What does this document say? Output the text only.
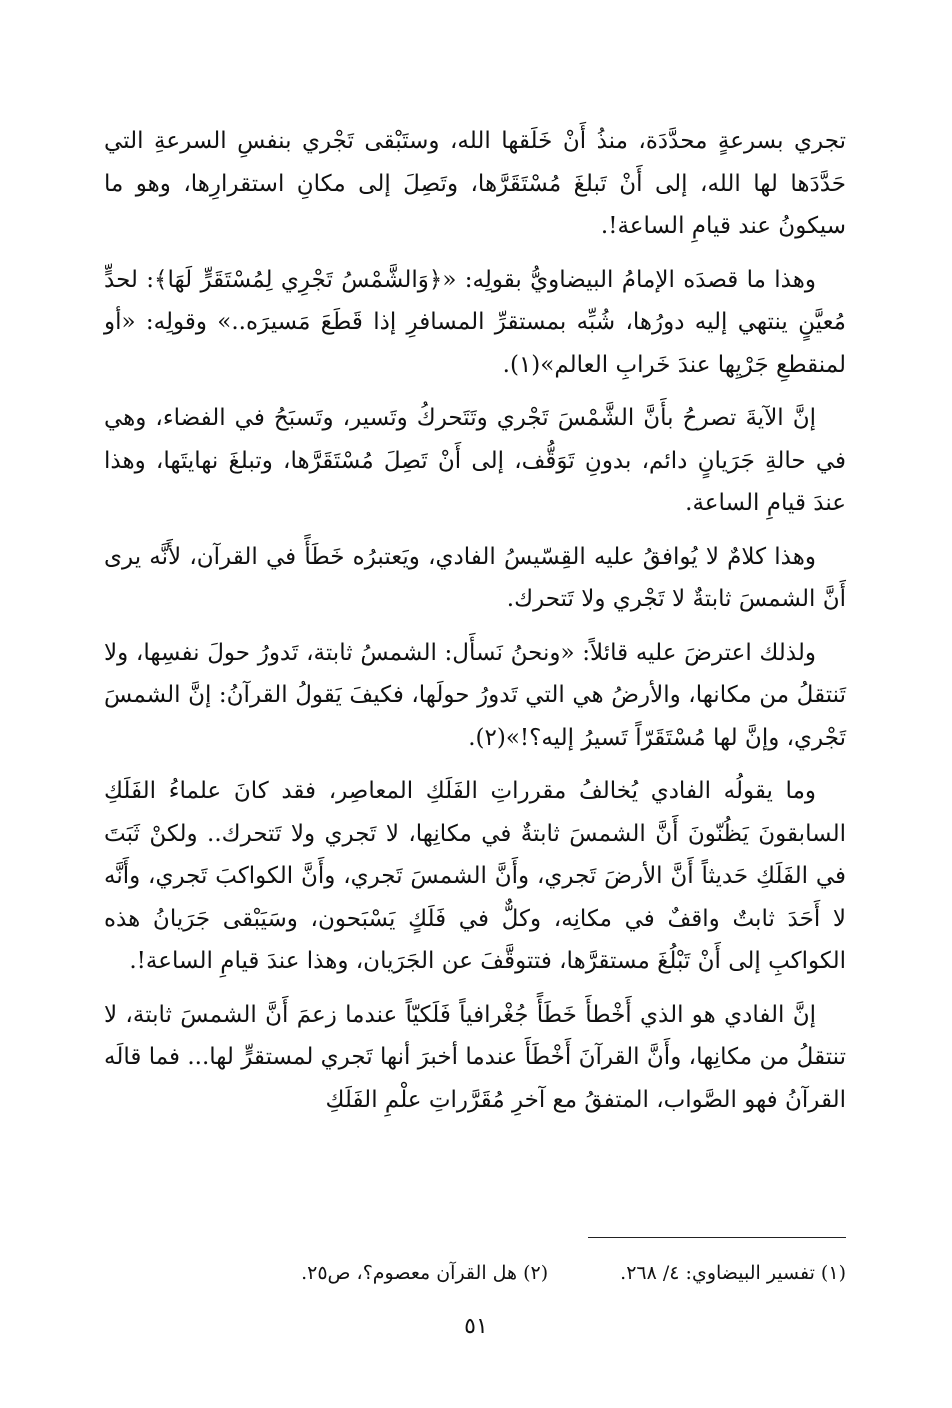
تجري بسرعةٍ محدَّدَة، منذُ أَنْ خَلَقها الله، وستَبْقى تَجْري بنفسِ السرعةِ التي حَدَّدَها لها الله، إلى أَنْ تَبلغَ مُسْتَقَرَّها، وتَصِلَ إلى مكانِ استقرارِها، وهو ما سيكونُ عند قيامِ الساعة!.

وهذا ما قصدَه الإمامُ البيضاويُّ بقولِه: «﴿وَالشَّمْسُ تَجْرِي لِمُسْتَقَرٍّ لَهَا﴾: لحدٍّ مُعيَّنٍ ينتهي إليه دورُها، شُبِّه بمستقرِّ المسافرِ إذا قَطَعَ مَسيرَه..» وقولِه: «أو لمنقطعِ جَرْيِها عندَ خَرابِ العالم»(١).

إنَّ الآيةَ تصرحُ بأَنَّ الشَّمْسَ تَجْري وتَتَحركُ وتَسير، وتَسبَحُ في الفضاء، وهي في حالةِ جَرَيانٍ دائم، بدونِ تَوَقُّف، إلى أَنْ تَصِلَ مُسْتَقَرَّها، وتبلغَ نهايتَها، وهذا عندَ قيامِ الساعة.

وهذا كلامٌ لا يُوافقُ عليه القِسّيسُ الفادي، ويَعتبرُه خَطَأً في القرآن، لأَنَّه يرى أَنَّ الشمسَ ثابتةٌ لا تَجْري ولا تَتحرك.

ولذلك اعترضَ عليه قائلاً: «ونحنُ نَسأَل: الشمسُ ثابتة، تَدورُ حولَ نفسِها، ولا تَنتقلُ من مكانها، والأرضُ هي التي تَدورُ حولَها، فكيفَ يَقولُ القرآنُ: إنَّ الشمسَ تَجْري، وإنَّ لها مُسْتَقَرّاً تَسيرُ إليه؟!»(٢).

وما يقولُه الفادي يُخالفُ مقرراتِ الفَلَكِ المعاصِر، فقد كانَ علماءُ الفَلَكِ السابقونَ يَظُنّونَ أَنَّ الشمسَ ثابتةٌ في مكانِها، لا تَجري ولا تَتحرك.. ولكنْ ثَبَتَ في الفَلَكِ حَديثاً أَنَّ الأرضَ تَجري، وأَنَّ الشمسَ تَجري، وأَنَّ الكواكبَ تَجري، وأَنَّه لا أَحَدَ ثابتٌ واقفٌ في مكانِه، وكلٌّ في فَلَكٍ يَسْبَحون، وسَيَبْقى جَرَيانُ هذه الكواكبِ إلى أَنْ تَبْلُغَ مستقرَّها، فتتوقَّفَ عن الجَرَيان، وهذا عندَ قيامِ الساعة!.

إنَّ الفادي هو الذي أَخْطأَ خَطَأً جُغْرافياً فَلَكيّاً عندما زعمَ أَنَّ الشمسَ ثابتة، لا تنتقلُ من مكانِها، وأَنَّ القرآنَ أَخْطَأَ عندما أخبرَ أنها تَجري لمستقرٍّ لها... فما قالَه القرآنُ فهو الصَّواب، المتفقُ مع آخرِ مُقَرَّراتِ علْمِ الفَلَكِ

(١) تفسير البيضاوي: ٤/ ٢٦٨.
(٢) هل القرآن معصوم؟، ص٢٥.
٥١
